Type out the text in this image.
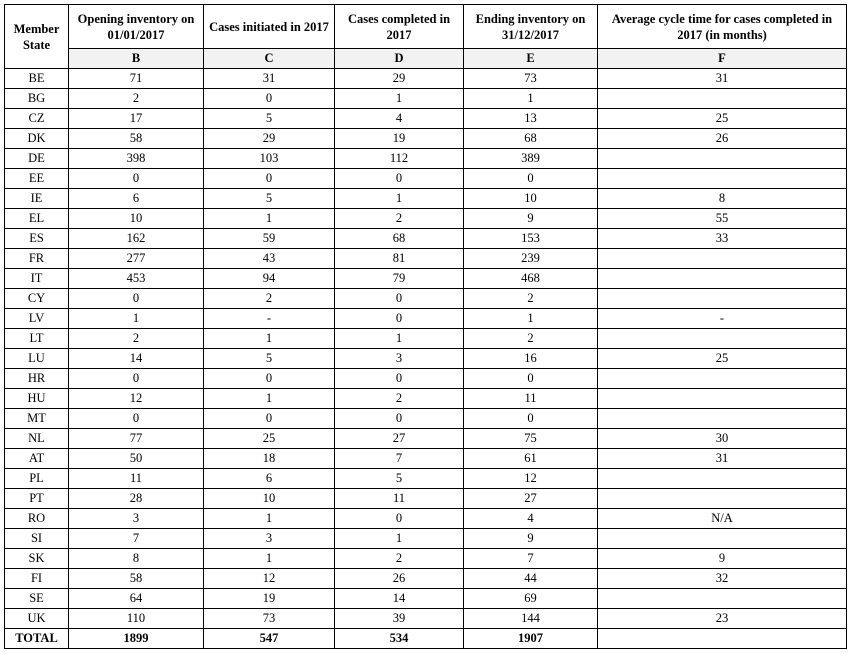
Member State	Opening inventory on 01/01/2017	Cases initiated in 2017	Cases completed in 2017	Ending inventory on 31/12/2017	Average cycle time for cases completed in 2017 (in months)
	B	C	D	E	F
BE	71	31	29	73	31
BG	2	0	1	1	
CZ	17	5	4	13	25
DK	58	29	19	68	26
DE	398	103	112	389	
EE	0	0	0	0	
IE	6	5	1	10	8
EL	10	1	2	9	55
ES	162	59	68	153	33
FR	277	43	81	239	
IT	453	94	79	468	
CY	0	2	0	2	
LV	1	-	0	1	-
LT	2	1	1	2	
LU	14	5	3	16	25
HR	0	0	0	0	
HU	12	1	2	11	
MT	0	0	0	0	
NL	77	25	27	75	30
AT	50	18	7	61	31
PL	11	6	5	12	
PT	28	10	11	27	
RO	3	1	0	4	N/A
SI	7	3	1	9	
SK	8	1	2	7	9
FI	58	12	26	44	32
SE	64	19	14	69	
UK	110	73	39	144	23
TOTAL	1899	547	534	1907	
